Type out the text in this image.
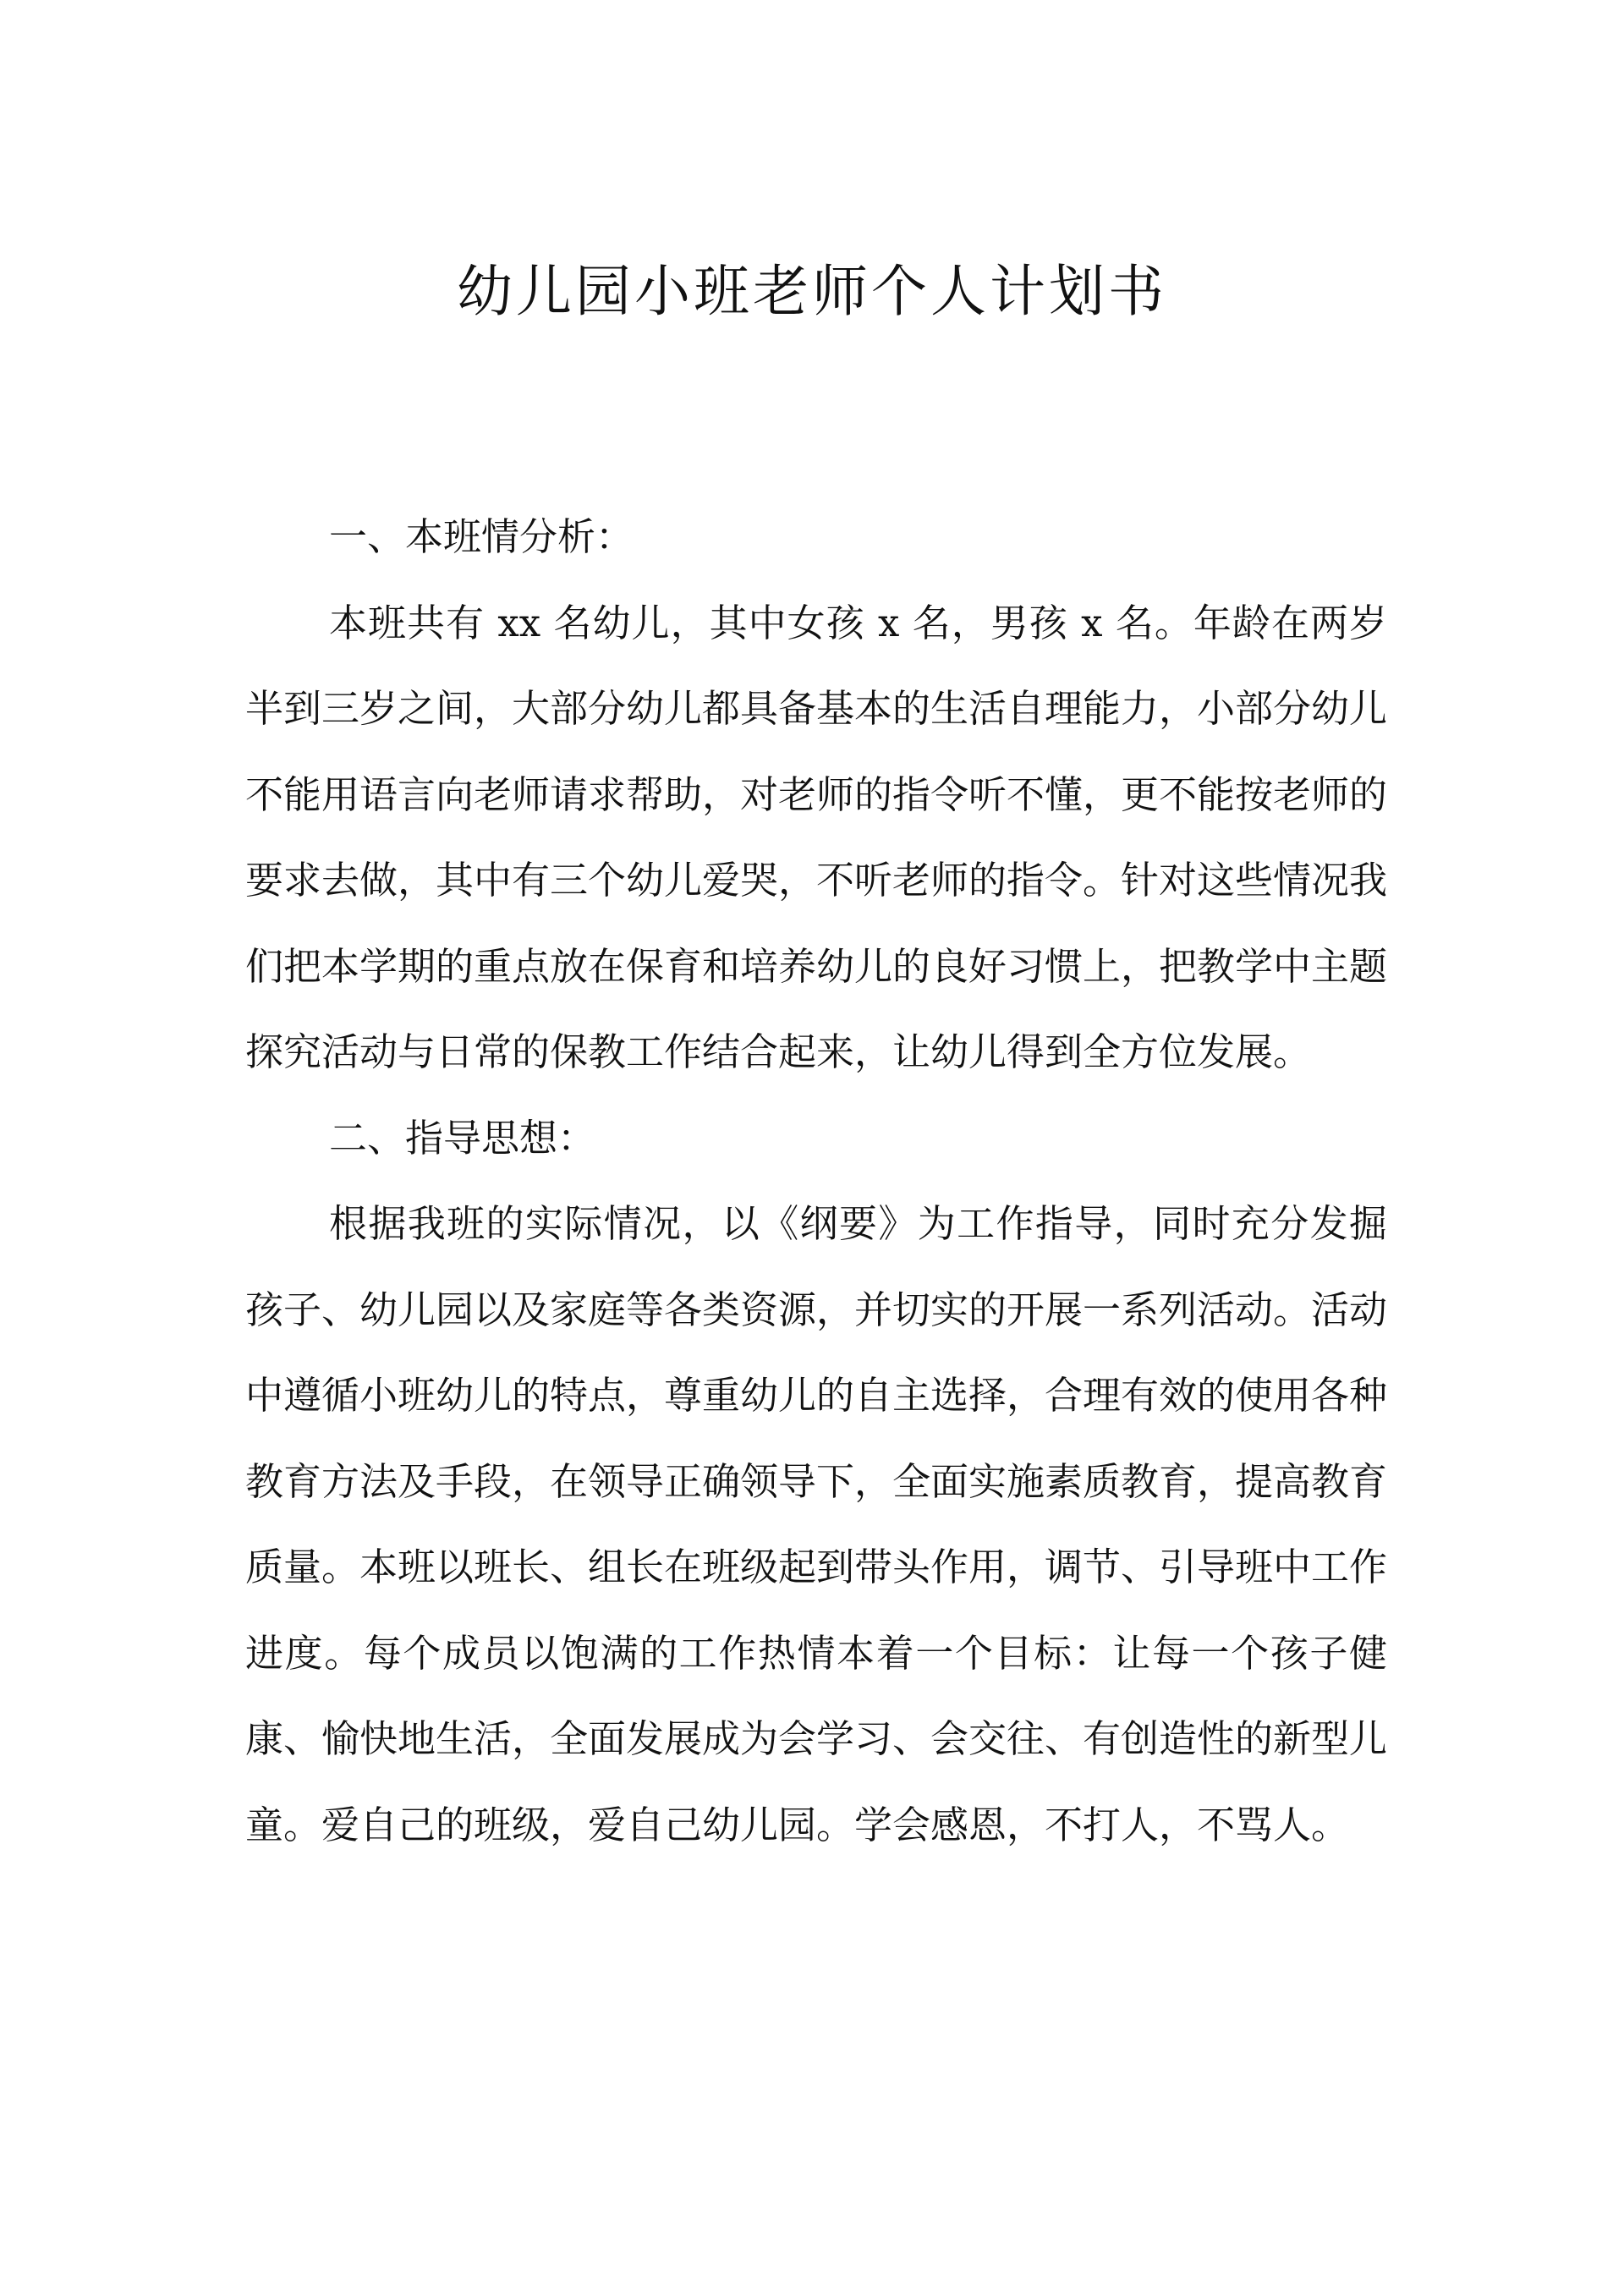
幼儿园小班老师个人计划书
一、本班情分析：

本班共有 xx 名幼儿，其中女孩 x 名，男孩 x 名。年龄在两岁半到三岁之间，大部分幼儿都具备基本的生活自理能力，小部分幼儿不能用语言向老师请求帮助，对老师的指令听不懂，更不能按老师的要求去做，其中有三个幼儿爱哭，不听老师的指令。针对这些情况我们把本学期的重点放在保育和培养幼儿的良好习惯上，把教学中主题探究活动与日常的保教工作结合起来，让幼儿得到全方位发展。

二、指导思想：

根据我班的实际情况，以《纲要》为工作指导，同时充分发掘孩子、幼儿园以及家庭等各类资源，并切实的开展一系列活动。活动中遵循小班幼儿的特点，尊重幼儿的自主选择，合理有效的使用各种教育方法及手段，在领导正确领导下，全面实施素质教育，提高教育质量。本班以班长、组长在班级起到带头作用，调节、引导班中工作进度。每个成员以饱满的工作热情本着一个目标：让每一个孩子健康、愉快地生活，全面发展成为会学习、会交往、有创造性的新型儿童。爱自己的班级，爱自己幼儿园。学会感恩，不打人，不骂人。
